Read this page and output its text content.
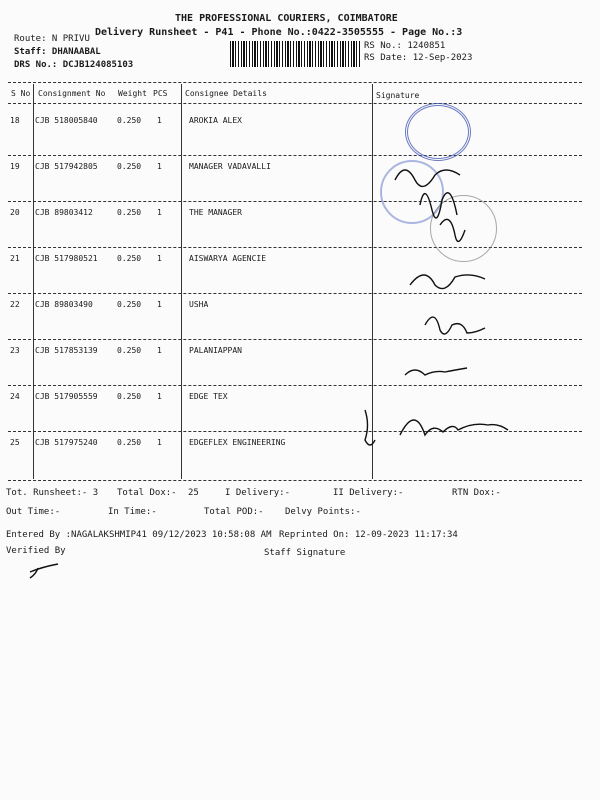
THE PROFESSIONAL COURIERS, COIMBATORE
Delivery Runsheet - P41 - Phone No.:0422-3505555 - Page No.:3
Route: N PRIVU
Staff: DHANAABAL
DRS No.: DCJB124085103
RS No.: 1240851
RS Date: 12-Sep-2023
S No Consignment No Weight PCS Consignee Details	Signature
18 CJB 518005840 0.250 1	AROKIA ALEX
19 CJB 517942805 0.250 1	MANAGER VADAVALLI
20 CJB 89803412	0.250 1	THE MANAGER
21 CJB 517980521 0.250 1	AISWARYA AGENCIE
22 CJB 89803490	0.250 1	USHA
23 CJB 517853139 0.250 1	PALANIAPPAN
24 CJB 517905559 0.250 1	EDGE TEX
25 CJB 517975240 0.250 1	EDGEFLEX ENGINEERING
Tot. Runsheet:- 3 Total Dox:- 25	I Delivery:-	II Delivery:-	RTN Dox:-
Out Time:-	In Time:-	Total POD:- Delvy Points:-
Entered By :NAGALAKSHMIP41 09/12/2023 10:58:08 AM Reprinted On: 12-09-2023 11:17:34
Verified By	Staff Signature
